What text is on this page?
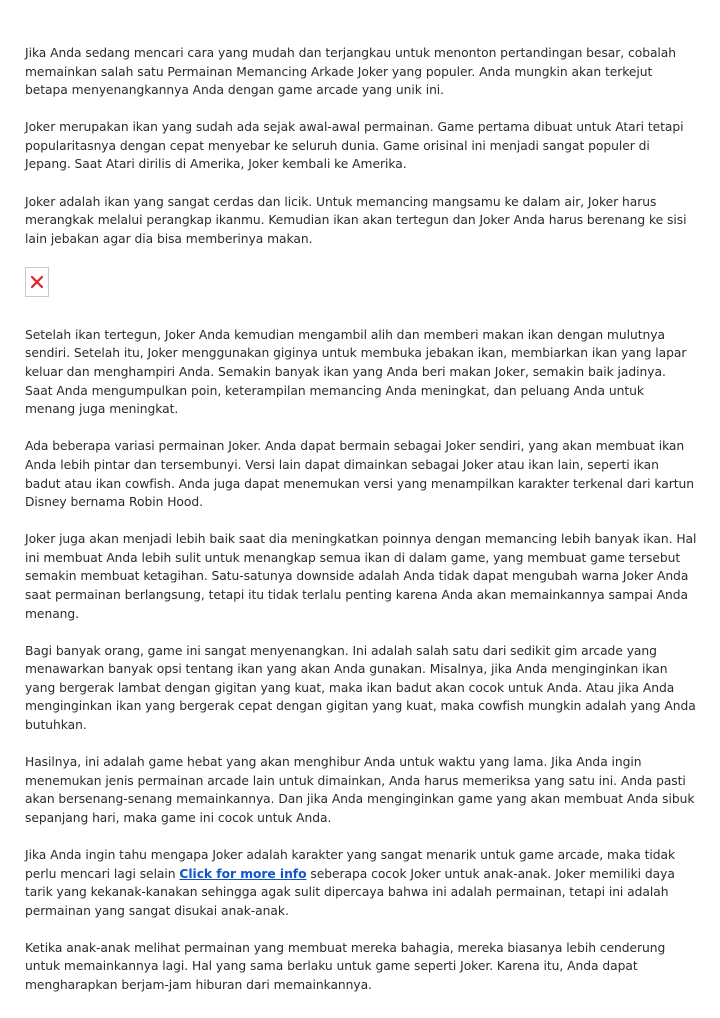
Jika Anda sedang mencari cara yang mudah dan terjangkau untuk menonton pertandingan besar, cobalah memainkan salah satu Permainan Memancing Arkade Joker yang populer. Anda mungkin akan terkejut betapa menyenangkannya Anda dengan game arcade yang unik ini.

Joker merupakan ikan yang sudah ada sejak awal-awal permainan. Game pertama dibuat untuk Atari tetapi popularitasnya dengan cepat menyebar ke seluruh dunia. Game orisinal ini menjadi sangat populer di Jepang. Saat Atari dirilis di Amerika, Joker kembali ke Amerika.

Joker adalah ikan yang sangat cerdas dan licik. Untuk memancing mangsamu ke dalam air, Joker harus merangkak melalui perangkap ikanmu. Kemudian ikan akan tertegun dan Joker Anda harus berenang ke sisi lain jebakan agar dia bisa memberinya makan.

Setelah ikan tertegun, Joker Anda kemudian mengambil alih dan memberi makan ikan dengan mulutnya sendiri. Setelah itu, Joker menggunakan giginya untuk membuka jebakan ikan, membiarkan ikan yang lapar keluar dan menghampiri Anda. Semakin banyak ikan yang Anda beri makan Joker, semakin baik jadinya. Saat Anda mengumpulkan poin, keterampilan memancing Anda meningkat, dan peluang Anda untuk menang juga meningkat.

Ada beberapa variasi permainan Joker. Anda dapat bermain sebagai Joker sendiri, yang akan membuat ikan Anda lebih pintar dan tersembunyi. Versi lain dapat dimainkan sebagai Joker atau ikan lain, seperti ikan badut atau ikan cowfish. Anda juga dapat menemukan versi yang menampilkan karakter terkenal dari kartun Disney bernama Robin Hood.

Joker juga akan menjadi lebih baik saat dia meningkatkan poinnya dengan memancing lebih banyak ikan. Hal ini membuat Anda lebih sulit untuk menangkap semua ikan di dalam game, yang membuat game tersebut semakin membuat ketagihan. Satu-satunya downside adalah Anda tidak dapat mengubah warna Joker Anda saat permainan berlangsung, tetapi itu tidak terlalu penting karena Anda akan memainkannya sampai Anda menang.

Bagi banyak orang, game ini sangat menyenangkan. Ini adalah salah satu dari sedikit gim arcade yang menawarkan banyak opsi tentang ikan yang akan Anda gunakan. Misalnya, jika Anda menginginkan ikan yang bergerak lambat dengan gigitan yang kuat, maka ikan badut akan cocok untuk Anda. Atau jika Anda menginginkan ikan yang bergerak cepat dengan gigitan yang kuat, maka cowfish mungkin adalah yang Anda butuhkan.

Hasilnya, ini adalah game hebat yang akan menghibur Anda untuk waktu yang lama. Jika Anda ingin menemukan jenis permainan arcade lain untuk dimainkan, Anda harus memeriksa yang satu ini. Anda pasti akan bersenang-senang memainkannya. Dan jika Anda menginginkan game yang akan membuat Anda sibuk sepanjang hari, maka game ini cocok untuk Anda.

Jika Anda ingin tahu mengapa Joker adalah karakter yang sangat menarik untuk game arcade, maka tidak perlu mencari lagi selain Click for more info seberapa cocok Joker untuk anak-anak. Joker memiliki daya tarik yang kekanak-kanakan sehingga agak sulit dipercaya bahwa ini adalah permainan, tetapi ini adalah permainan yang sangat disukai anak-anak.

Ketika anak-anak melihat permainan yang membuat mereka bahagia, mereka biasanya lebih cenderung untuk memainkannya lagi. Hal yang sama berlaku untuk game seperti Joker. Karena itu, Anda dapat mengharapkan berjam-jam hiburan dari memainkannya.
